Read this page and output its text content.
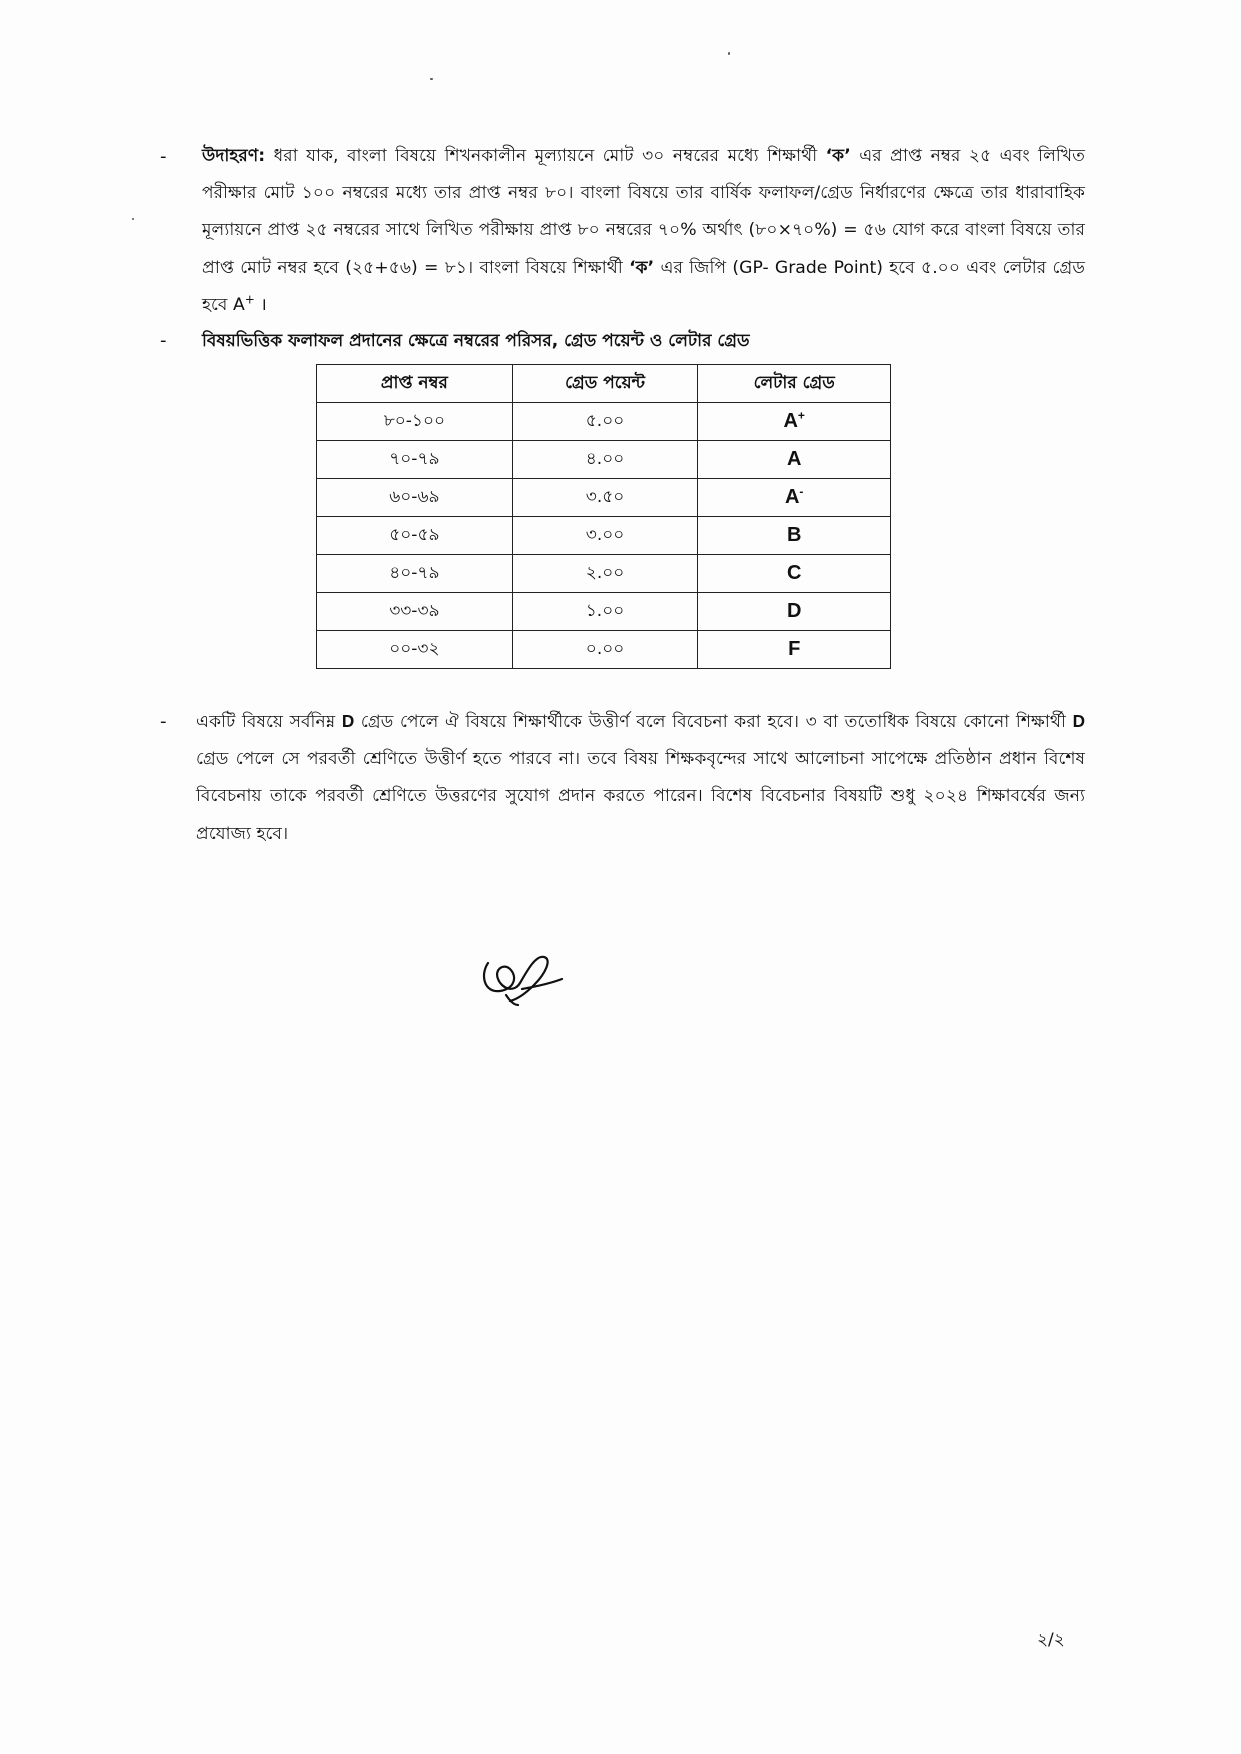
-	উদাহরণ: ধরা যাক, বাংলা বিষয়ে শিখনকালীন মূল্যায়নে মোট ৩০ নম্বরের মধ্যে শিক্ষার্থী ‘ক’ এর প্রাপ্ত নম্বর ২৫ এবং লিখিত পরীক্ষার মোট ১০০ নম্বরের মধ্যে তার প্রাপ্ত নম্বর ৮০। বাংলা বিষয়ে তার বার্ষিক ফলাফল/গ্রেড নির্ধারণের ক্ষেত্রে তার ধারাবাহিক মূল্যায়নে প্রাপ্ত ২৫ নম্বরের সাথে লিখিত পরীক্ষায় প্রাপ্ত ৮০ নম্বরের ৭০% অর্থাৎ (৮০×৭০%) = ৫৬ যোগ করে বাংলা বিষয়ে তার প্রাপ্ত মোট নম্বর হবে (২৫+৫৬) = ৮১। বাংলা বিষয়ে শিক্ষার্থী ‘ক’ এর জিপি (GP- Grade Point) হবে ৫.০০ এবং লেটার গ্রেড হবে A+ ।
-	বিষয়ভিত্তিক ফলাফল প্রদানের ক্ষেত্রে নম্বরের পরিসর, গ্রেড পয়েন্ট ও লেটার গ্রেড
প্রাপ্ত নম্বর	গ্রেড পয়েন্ট	লেটার গ্রেড
৮০-১০০	৫.০০	A+
৭০-৭৯	৪.০০	A
৬০-৬৯	৩.৫০	A-
৫০-৫৯	৩.০০	B
৪০-৭৯	২.০০	C
৩৩-৩৯	১.০০	D
০০-৩২	০.০০	F
-	একটি বিষয়ে সর্বনিম্ন D গ্রেড পেলে ঐ বিষয়ে শিক্ষার্থীকে উত্তীর্ণ বলে বিবেচনা করা হবে। ৩ বা ততোধিক বিষয়ে কোনো শিক্ষার্থী D গ্রেড পেলে সে পরবর্তী শ্রেণিতে উত্তীর্ণ হতে পারবে না। তবে বিষয় শিক্ষকবৃন্দের সাথে আলোচনা সাপেক্ষে প্রতিষ্ঠান প্রধান বিশেষ বিবেচনায় তাকে পরবর্তী শ্রেণিতে উত্তরণের সুযোগ প্রদান করতে পারেন। বিশেষ বিবেচনার বিষয়টি শুধু ২০২৪ শিক্ষাবর্ষের জন্য প্রযোজ্য হবে।
২/২
